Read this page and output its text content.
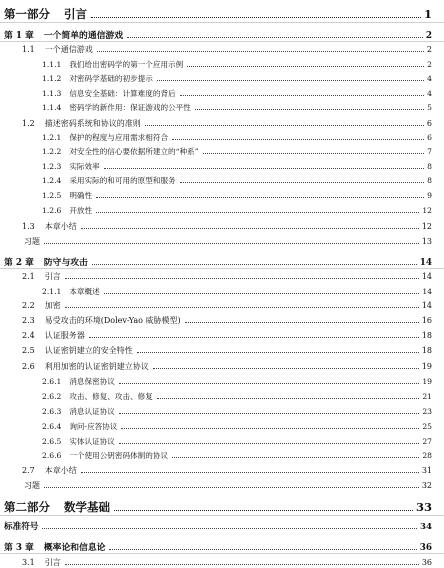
第一部分 引言	1
第 1 章 一个简单的通信游戏	2
1.1 一个通信游戏	2
1.1.1 我们给出密码学的第一个应用示例	2
1.1.2 对密码学基础的初步提示	4
1.1.3 信息安全基础：计算难度的背后	4
1.1.4 密码学的新作用：保证游戏的公平性	5
1.2 描述密码系统和协议的准则	6
1.2.1 保护的程度与应用需求相符合	6
1.2.2 对安全性的信心要依据所建立的“种系”	7
1.2.3 实际效率	8
1.2.4 采用实际的和可用的原型和服务	8
1.2.5 明确性	9
1.2.6 开放性	12
1.3 本章小结	12
习题	13
第 2 章 防守与攻击	14
2.1 引言	14
2.1.1 本章概述	14
2.2 加密	14
2.3 易受攻击的环境(Dolev-Yao 威胁模型)	16
2.4 认证服务器	18
2.5 认证密钥建立的安全特性	18
2.6 利用加密的认证密钥建立协议	19
2.6.1 消息保密协议	19
2.6.2 攻击、修复、攻击、修复	21
2.6.3 消息认证协议	23
2.6.4 询问-应答协议	25
2.6.5 实体认证协议	27
2.6.6 一个使用公钥密码体制的协议	28
2.7 本章小结	31
习题	32
第二部分 数学基础	33
标准符号	34
第 3 章 概率论和信息论	36
3.1 引言	36
